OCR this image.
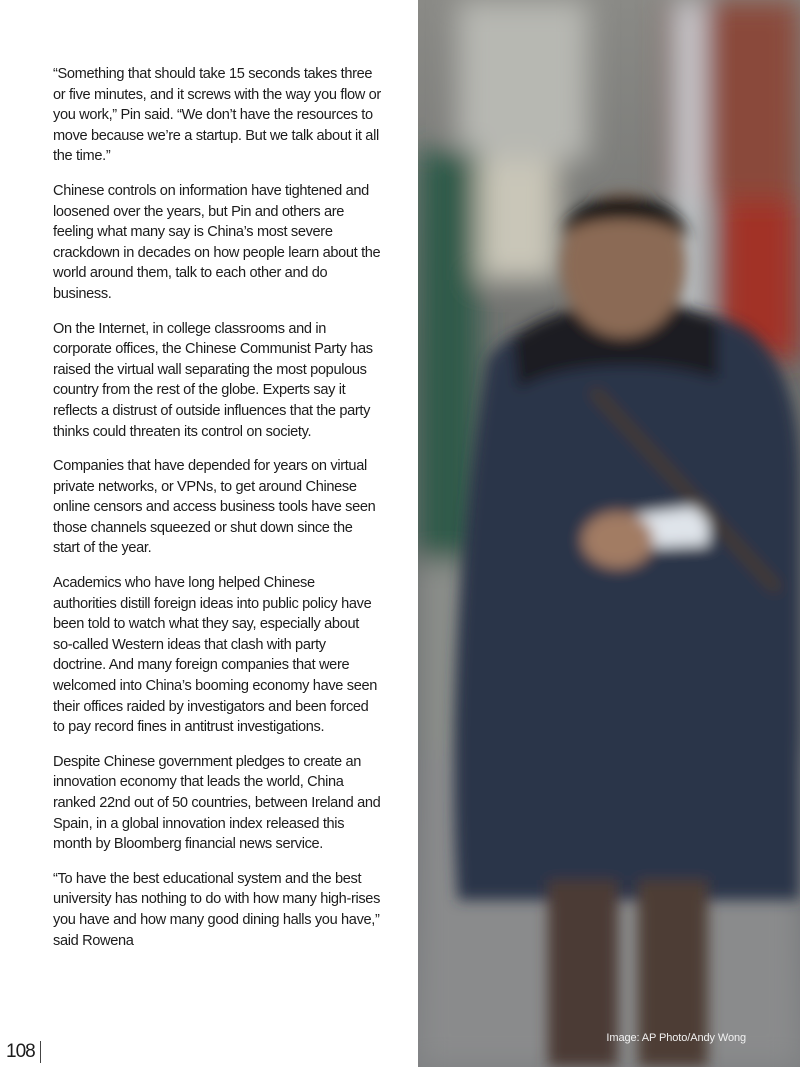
“Something that should take 15 seconds takes three or five minutes, and it screws with the way you flow or you work,” Pin said. “We don’t have the resources to move because we’re a startup. But we talk about it all the time.”

Chinese controls on information have tightened and loosened over the years, but Pin and others are feeling what many say is China’s most severe crackdown in decades on how people learn about the world around them, talk to each other and do business.

On the Internet, in college classrooms and in corporate offices, the Chinese Communist Party has raised the virtual wall separating the most populous country from the rest of the globe. Experts say it reflects a distrust of outside influences that the party thinks could threaten its control on society.

Companies that have depended for years on virtual private networks, or VPNs, to get around Chinese online censors and access business tools have seen those channels squeezed or shut down since the start of the year.

Academics who have long helped Chinese authorities distill foreign ideas into public policy have been told to watch what they say, especially about so-called Western ideas that clash with party doctrine. And many foreign companies that were welcomed into China’s booming economy have seen their offices raided by investigators and been forced to pay record fines in antitrust investigations.

Despite Chinese government pledges to create an innovation economy that leads the world, China ranked 22nd out of 50 countries, between Ireland and Spain, in a global innovation index released this month by Bloomberg financial news service.

“To have the best educational system and the best university has nothing to do with how many high-rises you have and how many good dining halls you have,” said Rowena

108
Image: AP Photo/Andy Wong
